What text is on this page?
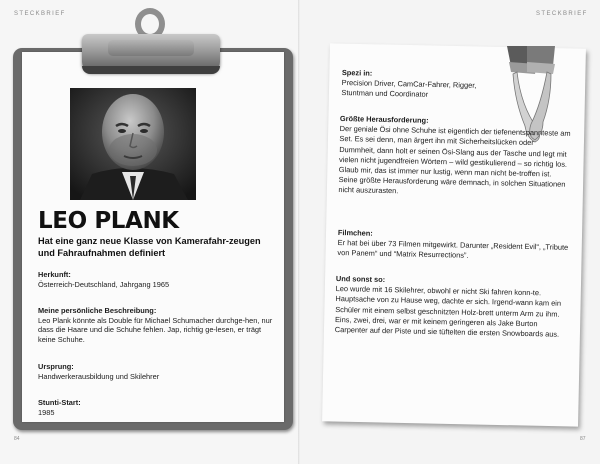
STECKBRIEF
84
LEO PLANK
Hat eine ganz neue Klasse von Kamerafahr-zeugen und Fahraufnahmen definiert
Herkunft:
Österreich-Deutschland, Jahrgang 1965
Meine persönliche Beschreibung:
Leo Plank könnte als Double für Michael Schumacher durchge-hen, nur dass die Haare und die Schuhe fehlen. Jap, richtig ge-lesen, er trägt keine Schuhe.
Ursprung:
Handwerkerausbildung und Skilehrer
Stunti-Start:
1985
STECKBRIEF
87
Spezi in:
Precision Driver, CamCar-Fahrer, Rigger, Stuntman und Coordinator
Größte Herausforderung:
Der geniale Ösi ohne Schuhe ist eigentlich der tiefenentspannteste am Set. Es sei denn, man ärgert ihn mit Sicherheitslücken oder Dummheit, dann holt er seinen Ösi-Slang aus der Tasche und legt mit vielen nicht jugendfreien Wörtern – wild gestikulierend – so richtig los. Glaub mir, das ist immer nur lustig, wenn man nicht be-troffen ist. Seine größte Herausforderung wäre demnach, in solchen Situationen nicht auszurasten.
Filmchen:
Er hat bei über 73 Filmen mitgewirkt. Darunter „Resident Evil“, „Tribute von Panem“ und “Matrix Resurrections”.
Und sonst so:
Leo wurde mit 16 Skilehrer, obwohl er nicht Ski fahren konn-te. Hauptsache von zu Hause weg, dachte er sich. Irgend-wann kam ein Schüler mit einem selbst geschnitzten Holz-brett unterm Arm zu ihm. Eins, zwei, drei, war er mit keinem geringeren als Jake Burton Carpenter auf der Piste und sie tüftelten die ersten Snowboards aus.
